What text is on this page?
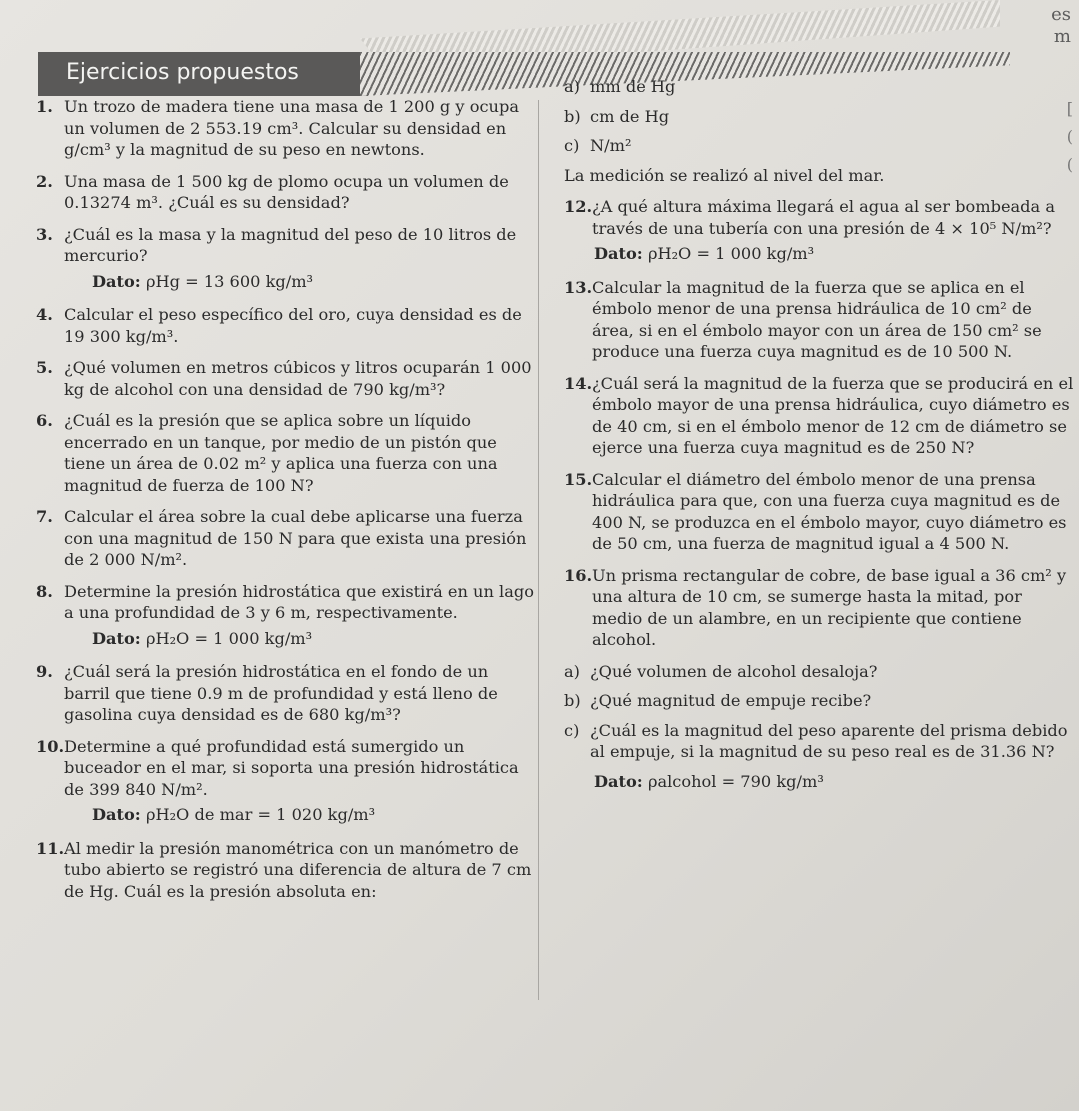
es
m
[
(
(
Ejercicios propuestos

1. Un trozo de madera tiene una masa de 1 200 g y ocupa un volumen de 2 553.19 cm³. Calcular su densidad en g/cm³ y la magnitud de su peso en newtons.

2. Una masa de 1 500 kg de plomo ocupa un volumen de 0.13274 m³. ¿Cuál es su densidad?

3. ¿Cuál es la masa y la magnitud del peso de 10 litros de mercurio?

Dato: ρHg = 13 600 kg/m³

4. Calcular el peso específico del oro, cuya densidad es de 19 300 kg/m³.

5. ¿Qué volumen en metros cúbicos y litros ocuparán 1 000 kg de alcohol con una densidad de 790 kg/m³?

6. ¿Cuál es la presión que se aplica sobre un líquido encerrado en un tanque, por medio de un pistón que tiene un área de 0.02 m² y aplica una fuerza con una magnitud de fuerza de 100 N?

7. Calcular el área sobre la cual debe aplicarse una fuerza con una magnitud de 150 N para que exista una presión de 2 000 N/m².

8. Determine la presión hidrostática que existirá en un lago a una profundidad de 3 y 6 m, respectivamente.

Dato: ρH₂O = 1 000 kg/m³

9. ¿Cuál será la presión hidrostática en el fondo de un barril que tiene 0.9 m de profundidad y está lleno de gasolina cuya densidad es de 680 kg/m³?

10.Determine a qué profundidad está sumergido un buceador en el mar, si soporta una presión hidrostática de 399 840 N/m².

Dato: ρH₂O de mar = 1 020 kg/m³

11.Al medir la presión manométrica con un manómetro de tubo abierto se registró una diferencia de altura de 7 cm de Hg. Cuál es la presión absoluta en:

a) mm de Hg

b) cm de Hg

c) N/m²

La medición se realizó al nivel del mar.

12.¿A qué altura máxima llegará el agua al ser bombeada a través de una tubería con una presión de 4 × 10⁵ N/m²?

Dato: ρH₂O = 1 000 kg/m³

13.Calcular la magnitud de la fuerza que se aplica en el émbolo menor de una prensa hidráulica de 10 cm² de área, si en el émbolo mayor con un área de 150 cm² se produce una fuerza cuya magnitud es de 10 500 N.

14.¿Cuál será la magnitud de la fuerza que se producirá en el émbolo mayor de una prensa hidráulica, cuyo diámetro es de 40 cm, si en el émbolo menor de 12 cm de diámetro se ejerce una fuerza cuya magnitud es de 250 N?

15.Calcular el diámetro del émbolo menor de una prensa hidráulica para que, con una fuerza cuya magnitud es de 400 N, se produzca en el émbolo mayor, cuyo diámetro es de 50 cm, una fuerza de magnitud igual a 4 500 N.

16.Un prisma rectangular de cobre, de base igual a 36 cm² y una altura de 10 cm, se sumerge hasta la mitad, por medio de un alambre, en un recipiente que contiene alcohol.

a) ¿Qué volumen de alcohol desaloja?

b) ¿Qué magnitud de empuje recibe?

c) ¿Cuál es la magnitud del peso aparente del prisma debido al empuje, si la magnitud de su peso real es de 31.36 N?

Dato: ρalcohol = 790 kg/m³
